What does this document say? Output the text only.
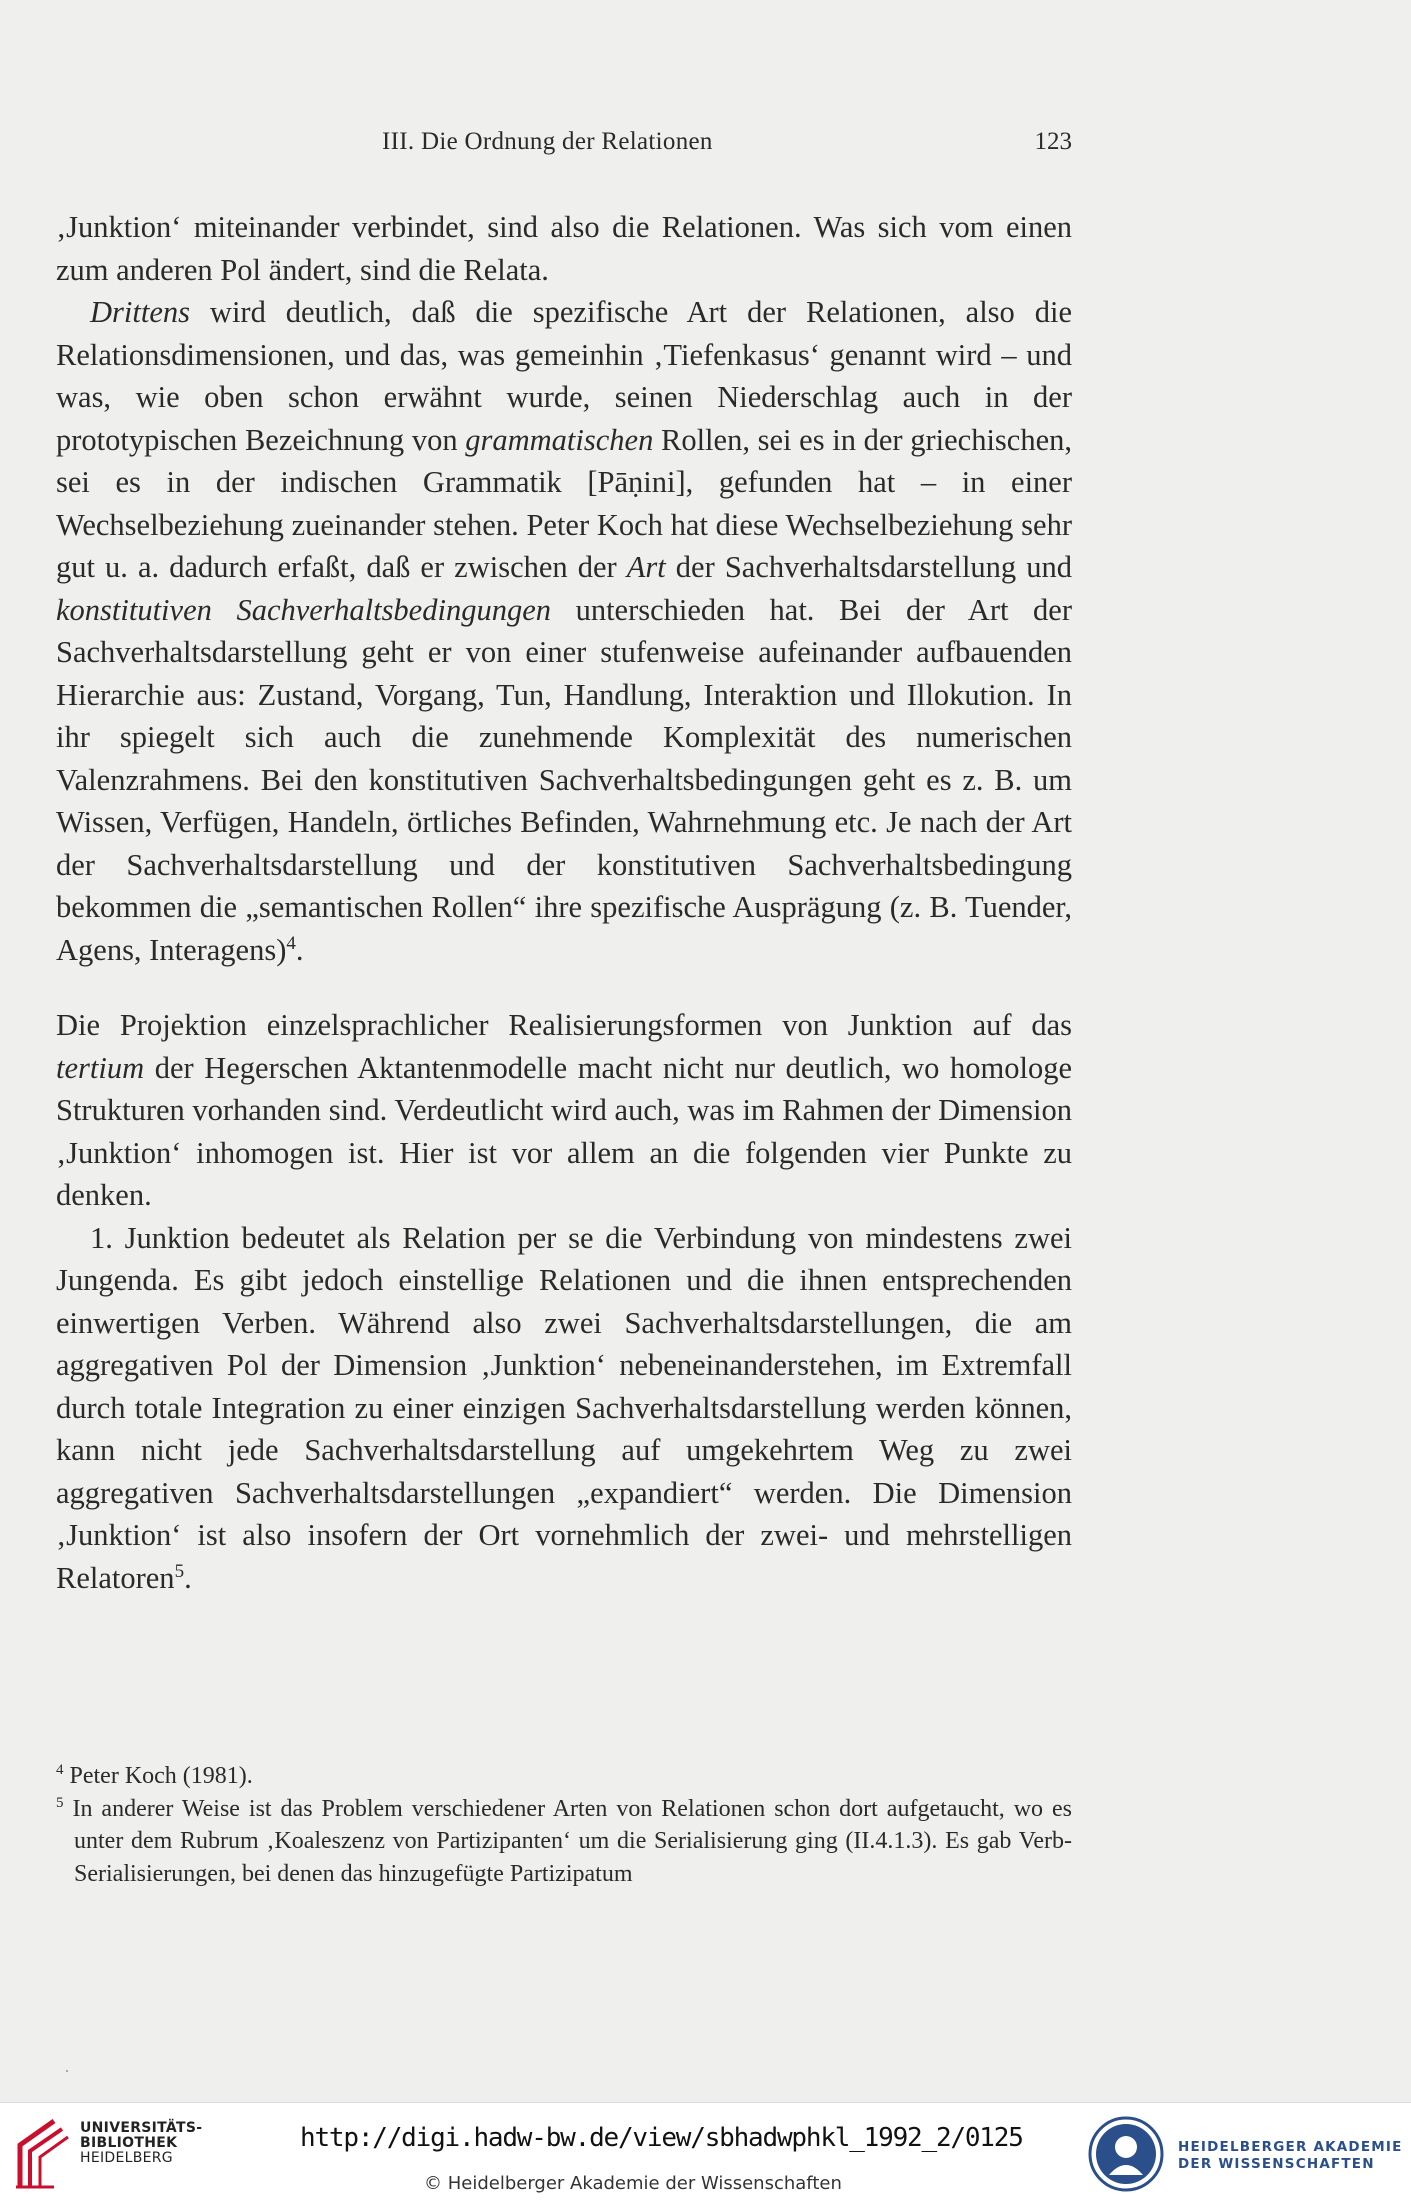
III. Die Ordnung der Relationen	123

‚Junktion‘ miteinander verbindet, sind also die Relationen. Was sich vom einen zum anderen Pol ändert, sind die Relata.

Drittens wird deutlich, daß die spezifische Art der Relationen, also die Relationsdimensionen, und das, was gemeinhin ‚Tiefenkasus‘ genannt wird – und was, wie oben schon erwähnt wurde, seinen Niederschlag auch in der prototypischen Bezeichnung von grammatischen Rollen, sei es in der griechischen, sei es in der indischen Grammatik [Pāṇini], gefunden hat – in einer Wechselbeziehung zueinander stehen. Peter Koch hat diese Wechselbeziehung sehr gut u. a. dadurch erfaßt, daß er zwischen der Art der Sachverhaltsdarstellung und konstitutiven Sachverhaltsbedingungen unterschieden hat. Bei der Art der Sachverhaltsdarstellung geht er von einer stufenweise aufeinander aufbauenden Hierarchie aus: Zustand, Vorgang, Tun, Handlung, Interaktion und Illokution. In ihr spiegelt sich auch die zunehmende Komplexität des numerischen Valenzrahmens. Bei den konstitutiven Sachverhaltsbedingungen geht es z. B. um Wissen, Verfügen, Handeln, örtliches Befinden, Wahrnehmung etc. Je nach der Art der Sachverhaltsdarstellung und der konstitutiven Sachverhaltsbedingung bekommen die „semantischen Rollen“ ihre spezifische Ausprägung (z. B. Tuender, Agens, Interagens)$^4$.

Die Projektion einzelsprachlicher Realisierungsformen von Junktion auf das tertium der Hegerschen Aktantenmodelle macht nicht nur deutlich, wo homologe Strukturen vorhanden sind. Verdeutlicht wird auch, was im Rahmen der Dimension ‚Junktion‘ inhomogen ist. Hier ist vor allem an die folgenden vier Punkte zu denken.

1. Junktion bedeutet als Relation per se die Verbindung von mindestens zwei Jungenda. Es gibt jedoch einstellige Relationen und die ihnen entsprechenden einwertigen Verben. Während also zwei Sachverhaltsdarstellungen, die am aggregativen Pol der Dimension ‚Junktion‘ nebeneinanderstehen, im Extremfall durch totale Integration zu einer einzigen Sachverhaltsdarstellung werden können, kann nicht jede Sachverhaltsdarstellung auf umgekehrtem Weg zu zwei aggregativen Sachverhaltsdarstellungen „expandiert“ werden. Die Dimension ‚Junktion‘ ist also insofern der Ort vornehmlich der zwei- und mehrstelligen Relatoren$^5$.

$^4$ Peter Koch (1981).

$^5$ In anderer Weise ist das Problem verschiedener Arten von Relationen schon dort aufgetaucht, wo es unter dem Rubrum ‚Koaleszenz von Partizipanten‘ um die Serialisierung ging (II.4.1.3). Es gab Verb-Serialisierungen, bei denen das hinzugefügte Partizipatum

UNIVERSITÄTS-
BIBLIOTHEK
HEIDELBERG
http://digi.hadw-bw.de/view/sbhadwphkl_1992_2/0125
© Heidelberger Akademie der Wissenschaften
HEIDELBERGER AKADEMIE
DER WISSENSCHAFTEN
